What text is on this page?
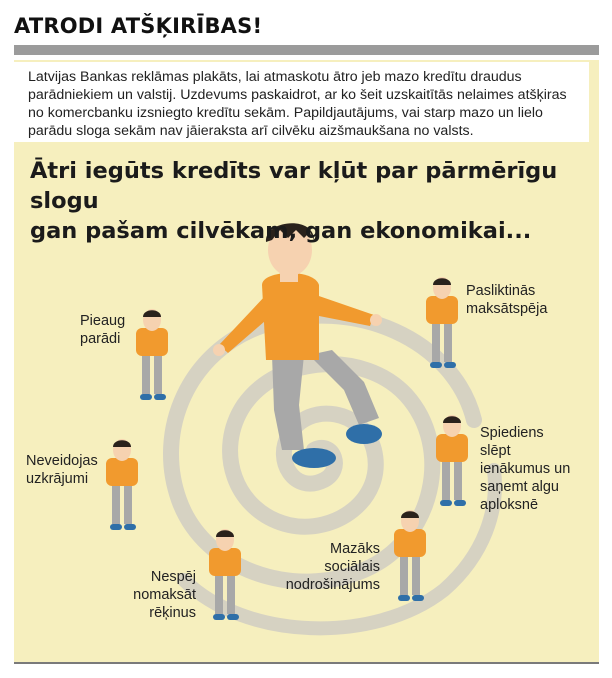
ATRODI ATŠĶIRĪBAS!
Latvijas Bankas reklāmas plakāts, lai atmaskotu ātro jeb mazo kredītu draudus parādniekiem un valstij. Uzdevums paskaidrot, ar ko šeit uzskaitītās nelaimes atšķiras no komercbanku izsniegto kredītu sekām. Papildjautājums, vai starp mazo un lielo parādu sloga sekām nav jāieraksta arī cilvēku aizšmaukšana no valsts.
Ātri iegūts kredīts var kļūt par pārmērīgu slogu
gan pašam cilvēkam, gan ekonomikai...
Pieaug
parādi
Pasliktinās
maksātspēja
Neveidojas
uzkrājumi
Spiediens
slēpt
ienākumus un
saņemt algu
aploksnē
Nespēj
nomaksāt
rēķinus
Mazāks
sociālais
nodrošinājums
